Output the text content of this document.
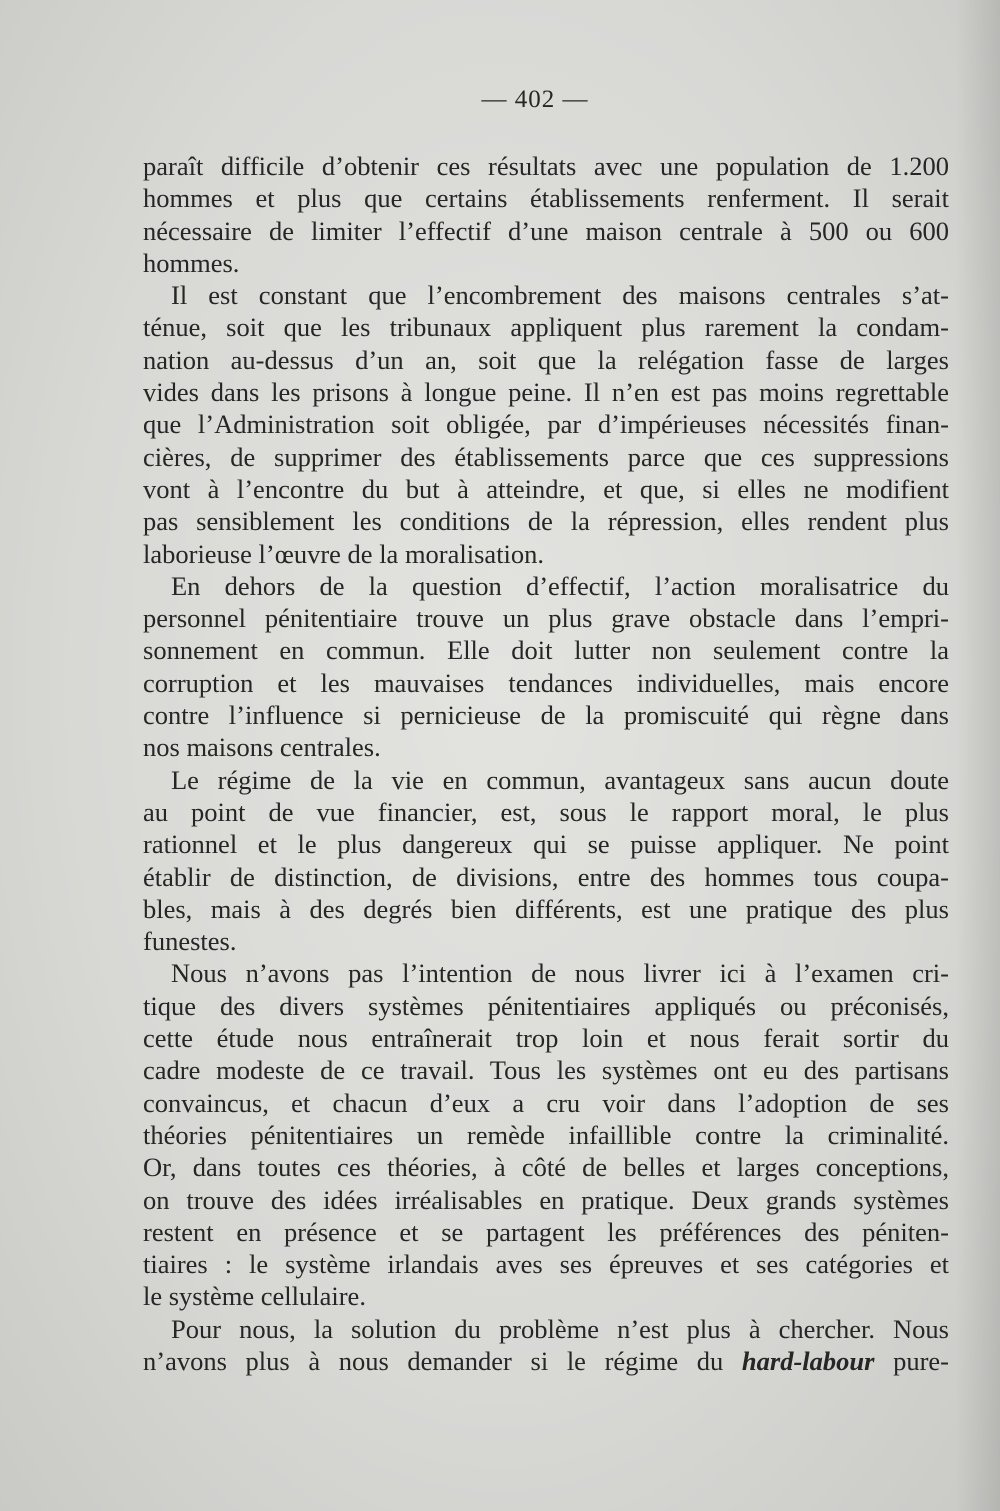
— 402 —
paraît difficile d’obtenir ces résultats avec une population de 1.200
hommes et plus que certains établissements renferment. Il serait
nécessaire de limiter l’effectif d’une maison centrale à 500 ou 600
hommes.
Il est constant que l’encombrement des maisons centrales s’at-
ténue, soit que les tribunaux appliquent plus rarement la condam-
nation au-dessus d’un an, soit que la relégation fasse de larges
vides dans les prisons à longue peine. Il n’en est pas moins regrettable
que l’Administration soit obligée, par d’impérieuses nécessités finan-
cières, de supprimer des établissements parce que ces suppressions
vont à l’encontre du but à atteindre, et que, si elles ne modifient
pas sensiblement les conditions de la répression, elles rendent plus
laborieuse l’œuvre de la moralisation.
En dehors de la question d’effectif, l’action moralisatrice du
personnel pénitentiaire trouve un plus grave obstacle dans l’empri-
sonnement en commun. Elle doit lutter non seulement contre la
corruption et les mauvaises tendances individuelles, mais encore
contre l’influence si pernicieuse de la promiscuité qui règne dans
nos maisons centrales.
Le régime de la vie en commun, avantageux sans aucun doute
au point de vue financier, est, sous le rapport moral, le plus
rationnel et le plus dangereux qui se puisse appliquer. Ne point
établir de distinction, de divisions, entre des hommes tous coupa-
bles, mais à des degrés bien différents, est une pratique des plus
funestes.
Nous n’avons pas l’intention de nous livrer ici à l’examen cri-
tique des divers systèmes pénitentiaires appliqués ou préconisés,
cette étude nous entraînerait trop loin et nous ferait sortir du
cadre modeste de ce travail. Tous les systèmes ont eu des partisans
convaincus, et chacun d’eux a cru voir dans l’adoption de ses
théories pénitentiaires un remède infaillible contre la criminalité.
Or, dans toutes ces théories, à côté de belles et larges conceptions,
on trouve des idées irréalisables en pratique. Deux grands systèmes
restent en présence et se partagent les préférences des péniten-
tiaires : le système irlandais aves ses épreuves et ses catégories et
le système cellulaire.
Pour nous, la solution du problème n’est plus à chercher. Nous
n’avons plus à nous demander si le régime du hard-labour pure-
